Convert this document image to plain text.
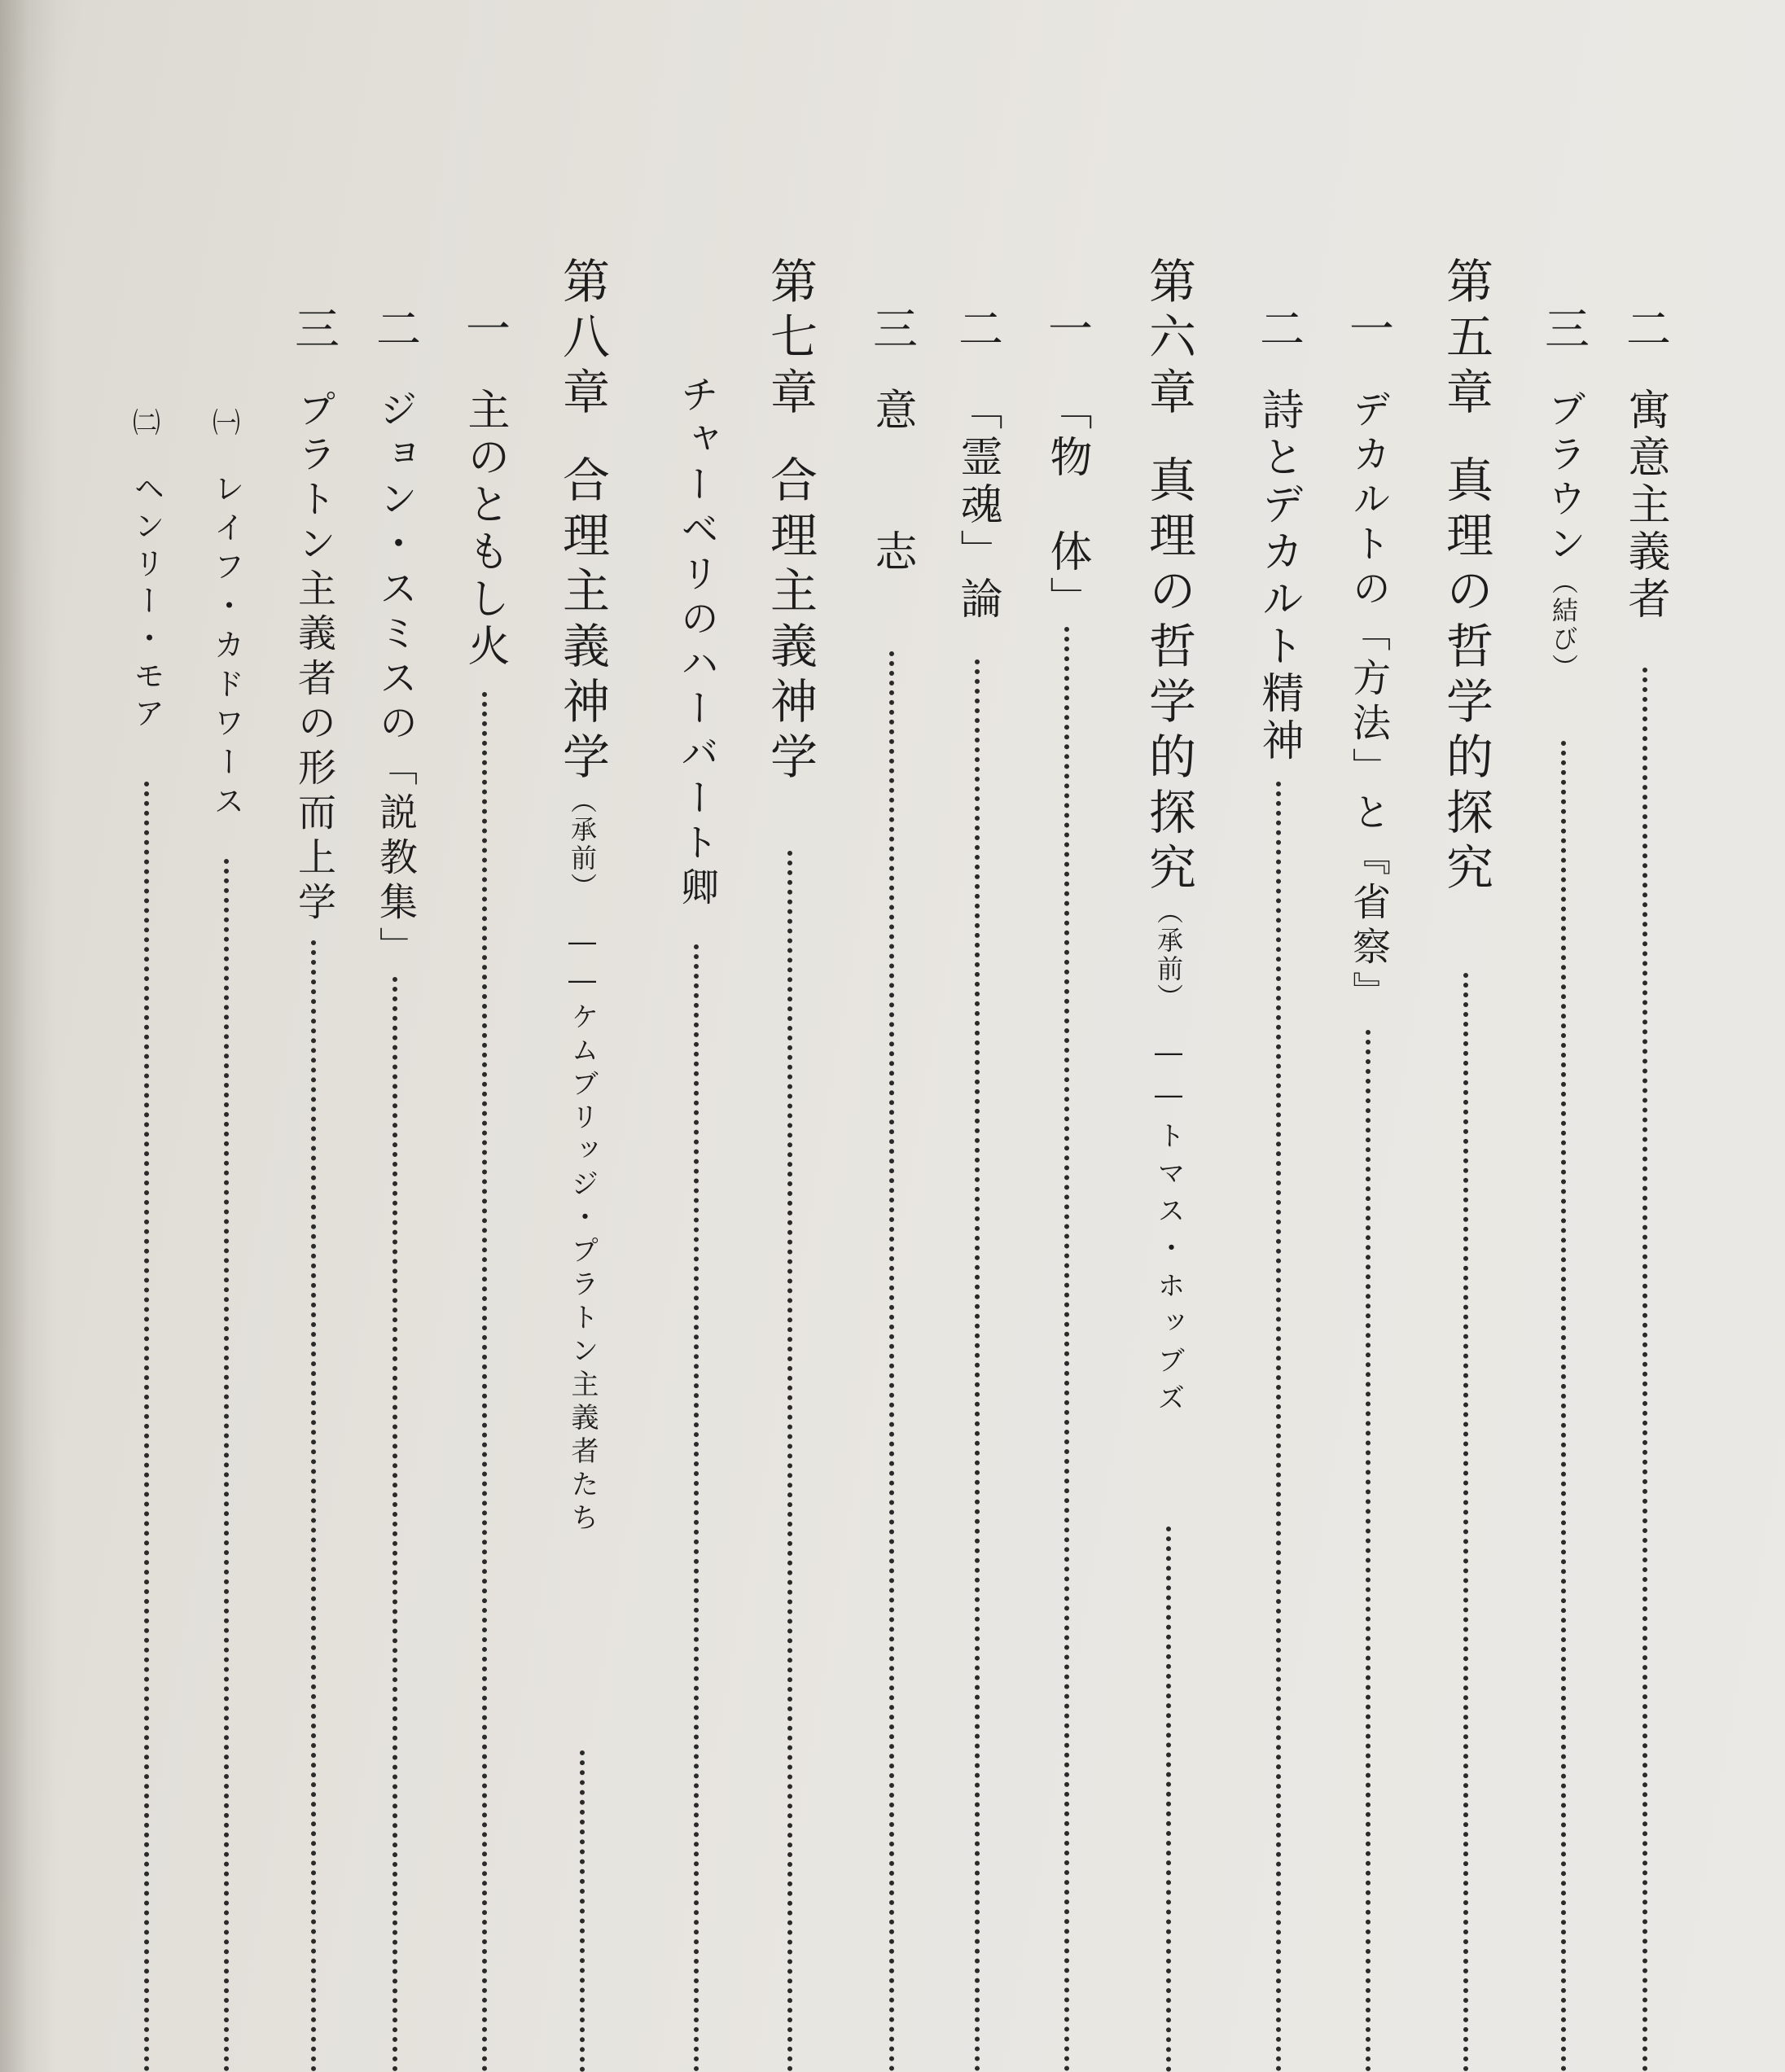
二寓意主義者
三ブラウン（結び）
第五章真理の哲学的探究
一デカルトの「方法」と『省察』
二詩とデカルト精神
第六章真理の哲学的探究（承前）――トマス・ホッブズ
一「物　体」
二「霊魂」論
三意　　志
第七章合理主義神学
チャーベリのハーバート卿
第八章合理主義神学（承前）――ケムブリッジ・プラトン主義者たち
一主のともし火
二ジョン・スミスの「説教集」
三プラトン主義者の形而上学
㈠
レイフ・カドワース
㈡
ヘンリー・モア
